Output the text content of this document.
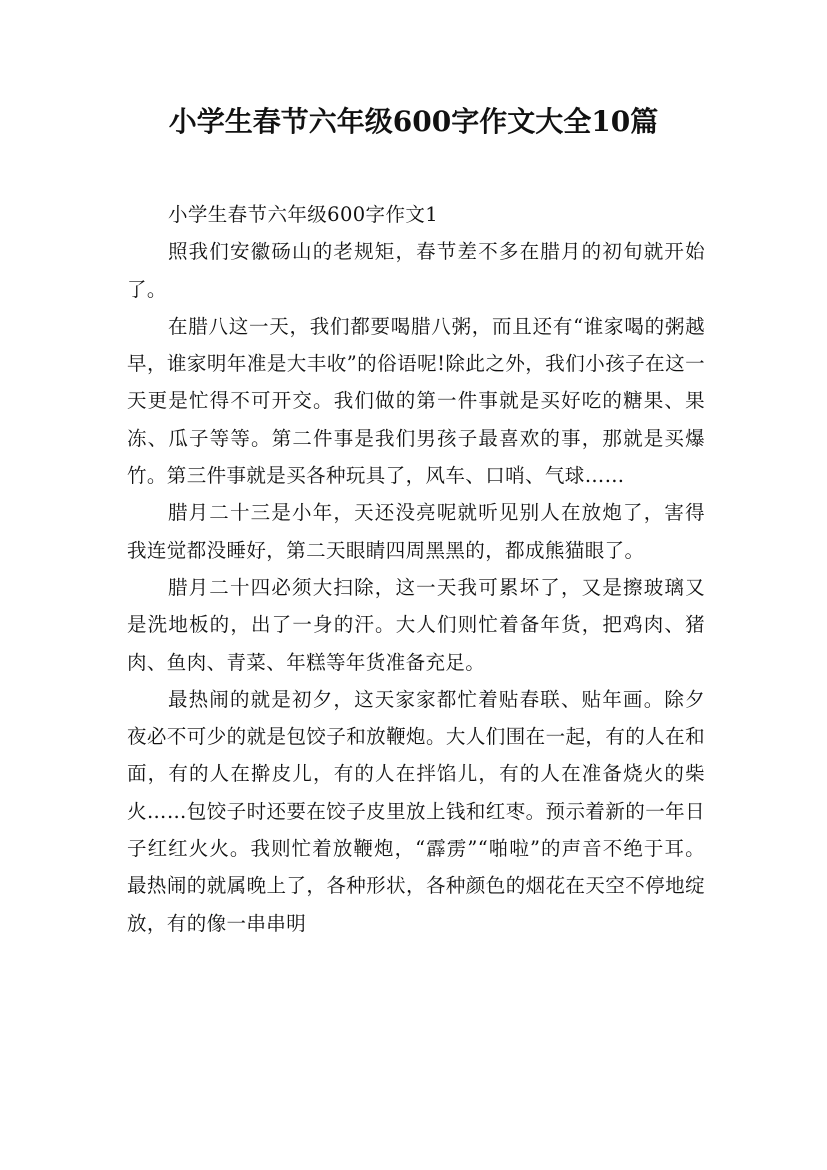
小学生春节六年级600字作文大全10篇

小学生春节六年级600字作文1

照我们安徽砀山的老规矩，春节差不多在腊月的初旬就开始了。

在腊八这一天，我们都要喝腊八粥，而且还有“谁家喝的粥越早，谁家明年准是大丰收”的俗语呢!除此之外，我们小孩子在这一天更是忙得不可开交。我们做的第一件事就是买好吃的糖果、果冻、瓜子等等。第二件事是我们男孩子最喜欢的事，那就是买爆竹。第三件事就是买各种玩具了，风车、口哨、气球……

腊月二十三是小年，天还没亮呢就听见别人在放炮了，害得我连觉都没睡好，第二天眼睛四周黑黑的，都成熊猫眼了。

腊月二十四必须大扫除，这一天我可累坏了，又是擦玻璃又是洗地板的，出了一身的汗。大人们则忙着备年货，把鸡肉、猪肉、鱼肉、青菜、年糕等年货准备充足。

最热闹的就是初夕，这天家家都忙着贴春联、贴年画。除夕夜必不可少的就是包饺子和放鞭炮。大人们围在一起，有的人在和面，有的人在擀皮儿，有的人在拌馅儿，有的人在准备烧火的柴火……包饺子时还要在饺子皮里放上钱和红枣。预示着新的一年日子红红火火。我则忙着放鞭炮，“霹雳”“啪啦”的声音不绝于耳。最热闹的就属晚上了，各种形状，各种颜色的烟花在天空不停地绽放，有的像一串串明
